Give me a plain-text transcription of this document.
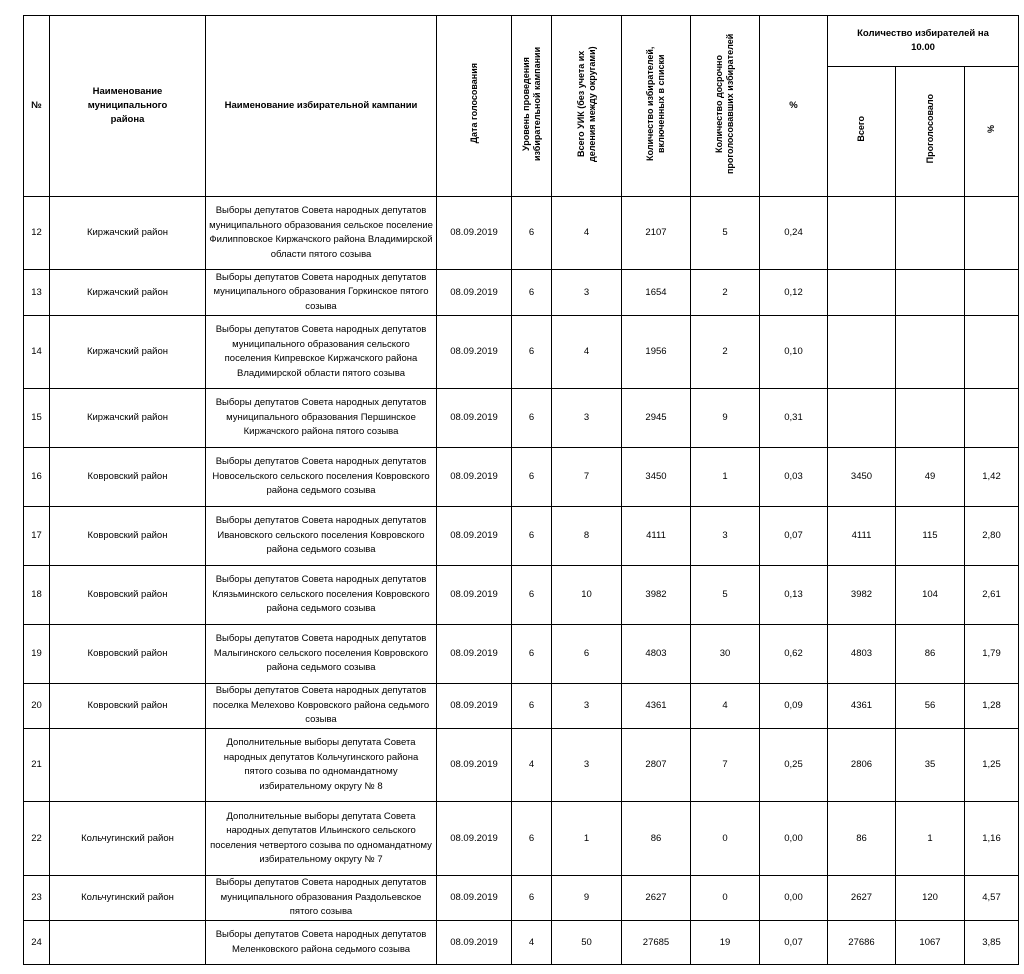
№	Наименование муниципального района	Наименование избирательной кампании	Дата голосования	Уровень проведения избирательной кампании	Всего УИК (без учета их деления между округами)	Количество избирателей, включенных в списки	Количество досрочно проголосовавших избирателей	%	Количество избирателей на 10.00		
									Всего	Проголосовало	%
12	Киржачский район	Выборы депутатов Совета народных депутатов муниципального образования сельское поселение Филипповское Киржачского района Владимирской области пятого созыва	08.09.2019	6	4	2107	5	0,24			
13	Киржачский район	Выборы депутатов Совета народных депутатов муниципального образования Горкинское пятого созыва	08.09.2019	6	3	1654	2	0,12			
14	Киржачский район	Выборы депутатов Совета народных депутатов муниципального образования сельского поселения Кипревское Киржачского района Владимирской области пятого созыва	08.09.2019	6	4	1956	2	0,10			
15	Киржачский район	Выборы депутатов Совета народных депутатов муниципального образования Першинское Киржачского района пятого созыва	08.09.2019	6	3	2945	9	0,31			
16	Ковровский район	Выборы депутатов Совета народных депутатов Новосельского сельского поселения Ковровского района седьмого созыва	08.09.2019	6	7	3450	1	0,03	3450	49	1,42
17	Ковровский район	Выборы депутатов Совета народных депутатов Ивановского сельского поселения Ковровского района седьмого созыва	08.09.2019	6	8	4111	3	0,07	4111	115	2,80
18	Ковровский район	Выборы депутатов Совета народных депутатов Клязьминского сельского поселения Ковровского района седьмого созыва	08.09.2019	6	10	3982	5	0,13	3982	104	2,61
19	Ковровский район	Выборы депутатов Совета народных депутатов Малыгинского сельского поселения Ковровского района седьмого созыва	08.09.2019	6	6	4803	30	0,62	4803	86	1,79
20	Ковровский район	Выборы депутатов Совета народных депутатов поселка Мелехово Ковровского района седьмого созыва	08.09.2019	6	3	4361	4	0,09	4361	56	1,28
21		Дополнительные выборы депутата Совета народных депутатов Кольчугинского района пятого созыва по одномандатному избирательному округу № 8	08.09.2019	4	3	2807	7	0,25	2806	35	1,25
22	Кольчугинский район	Дополнительные выборы депутата Совета народных депутатов Ильинского сельского поселения четвертого созыва по одномандатному избирательному округу № 7	08.09.2019	6	1	86	0	0,00	86	1	1,16
23	Кольчугинский район	Выборы депутатов Совета народных депутатов муниципального образования Раздольевское пятого созыва	08.09.2019	6	9	2627	0	0,00	2627	120	4,57
24		Выборы депутатов Совета народных депутатов Меленковского района седьмого созыва	08.09.2019	4	50	27685	19	0,07	27686	1067	3,85
